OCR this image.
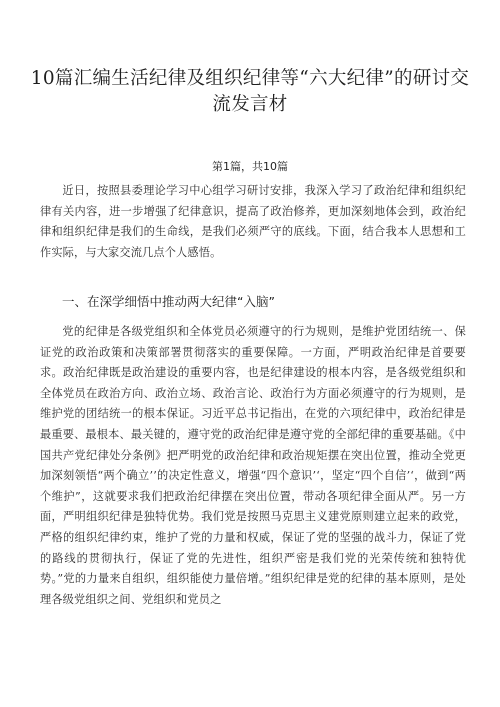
10篇汇编生活纪律及组织纪律等“六大纪律”的研讨交流发言材
第1篇，共10篇

近日，按照县委理论学习中心组学习研讨安排，我深入学习了政治纪律和组织纪律有关内容，进一步增强了纪律意识，提高了政治修养，更加深刻地体会到，政治纪律和组织纪律是我们的生命线，是我们必须严守的底线。下面，结合我本人思想和工作实际，与大家交流几点个人感悟。

一、在深学细悟中推动两大纪律“入脑”

党的纪律是各级党组织和全体党员必须遵守的行为规则，是维护党团结统一、保证党的政治政策和决策部署贯彻落实的重要保障。一方面，严明政治纪律是首要要求。政治纪律既是政治建设的重要内容，也是纪律建设的根本内容，是各级党组织和全体党员在政治方向、政治立场、政治言论、政治行为方面必须遵守的行为规则，是维护党的团结统一的根本保证。习近平总书记指出，在党的六项纪律中，政治纪律是最重要、最根本、最关键的，遵守党的政治纪律是遵守党的全部纪律的重要基础。《中国共产党纪律处分条例》把严明党的政治纪律和政治规矩摆在突出位置，推动全党更加深刻领悟“两个确立’’的决定性意义，增强“四个意识’‘，坚定“四个自信’‘，做到“两个维护”，这就要求我们把政治纪律摆在突出位置，带动各项纪律全面从严。另一方面，严明组织纪律是独特优势。我们党是按照马克思主义建党原则建立起来的政党，严格的组织纪律约束，维护了党的力量和权威，保证了党的坚强的战斗力，保证了党的路线的贯彻执行，保证了党的先进性，组织严密是我们党的光荣传统和独特优势。”党的力量来自组织，组织能使力量倍增。”组织纪律是党的纪律的基本原则，是处理各级党组织之间、党组织和党员之
